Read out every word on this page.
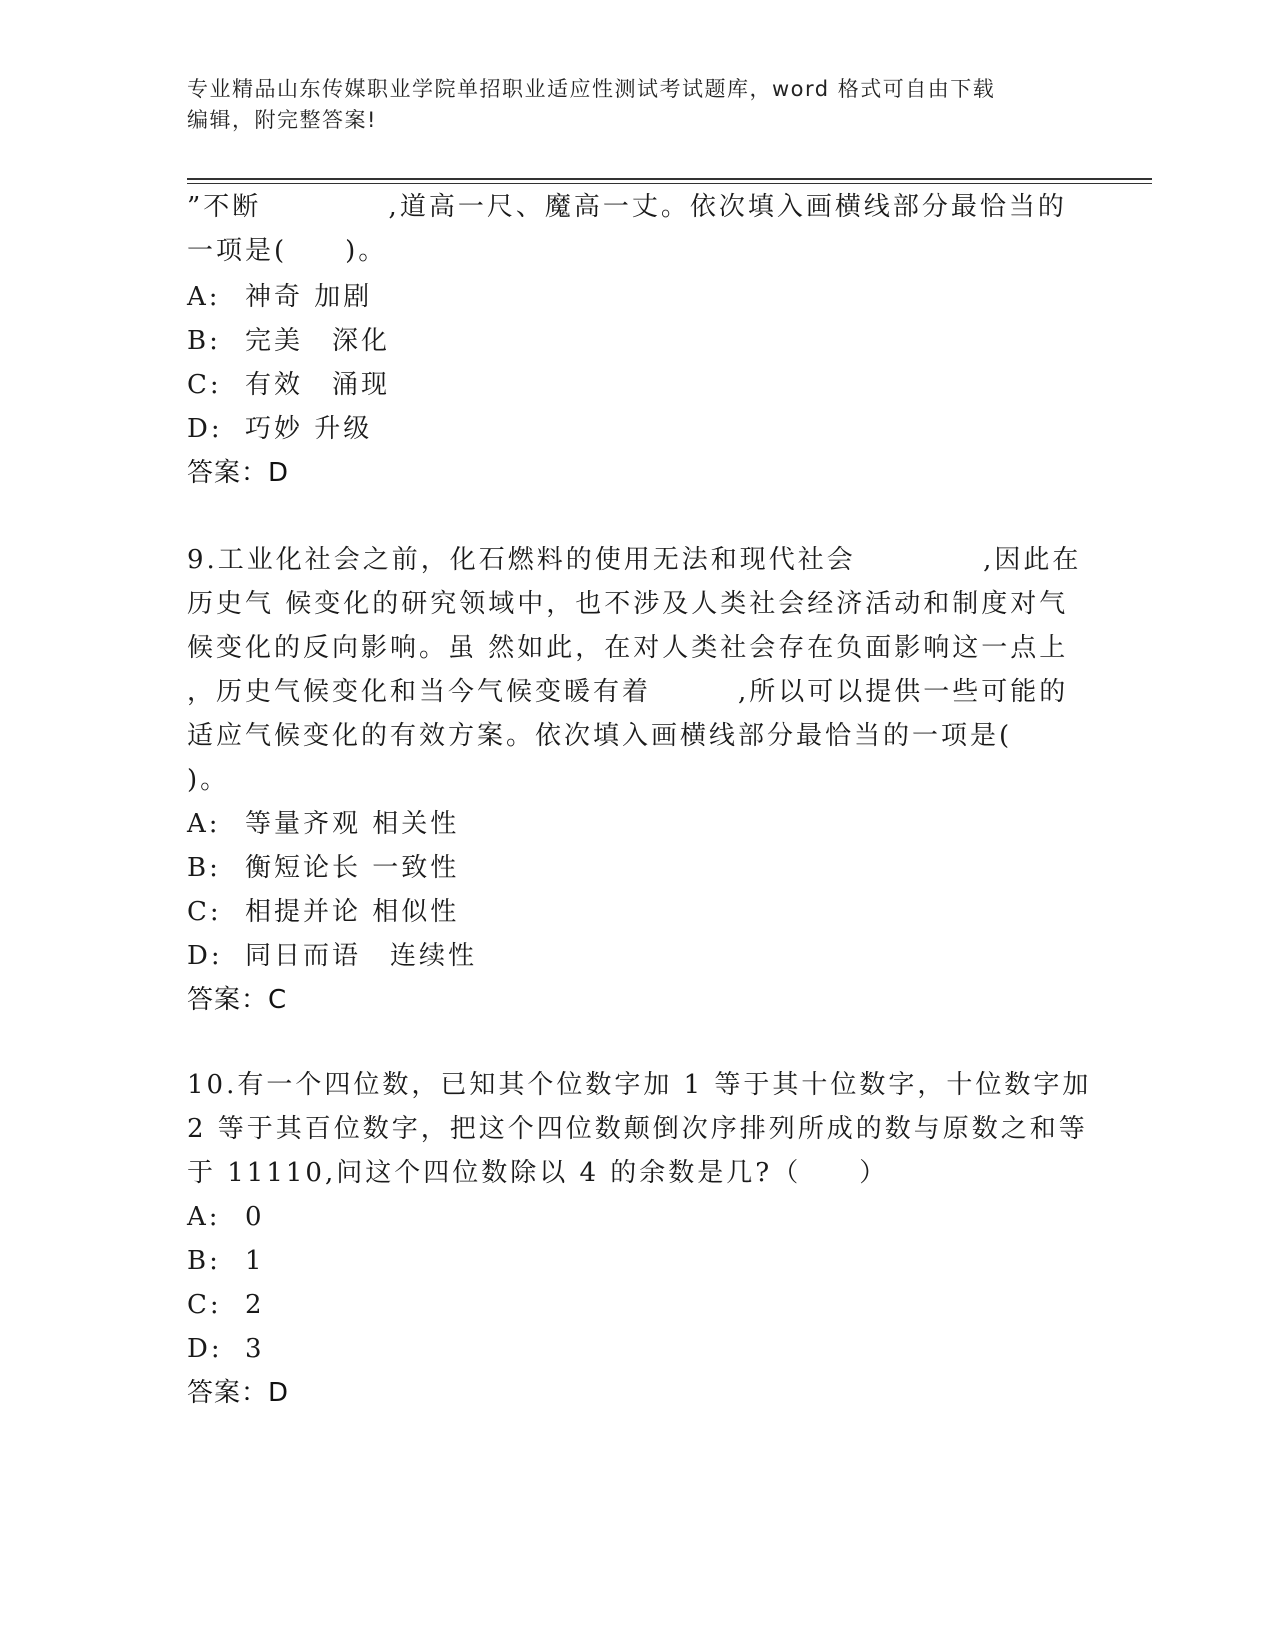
专业精品山东传媒职业学院单招职业适应性测试考试题库，word 格式可自由下载
编辑，附完整答案!
”不断　　　　 ,道高一尺、魔高一丈。依次填入画横线部分最恰当的
一项是(　　)。
A: 神奇 加剧
B: 完美　深化
C: 有效　涌现
D: 巧妙 升级
答案：D
9.工业化社会之前，化石燃料的使用无法和现代社会　　　　 ,因此在
历史气 候变化的研究领域中，也不涉及人类社会经济活动和制度对气
候变化的反向影响。虽 然如此，在对人类社会存在负面影响这一点上
，历史气候变化和当今气候变暖有着　　　,所以可以提供一些可能的
适应气候变化的有效方案。依次填入画横线部分最恰当的一项是(
)。
A: 等量齐观 相关性
B: 衡短论长 一致性
C: 相提并论 相似性
D: 同日而语　连续性
答案：C
10.有一个四位数，已知其个位数字加 1 等于其十位数字，十位数字加
2 等于其百位数字，把这个四位数颠倒次序排列所成的数与原数之和等
于 11110,问这个四位数除以 4 的余数是几?（　　）
A: 0
B: 1
C: 2
D: 3
答案：D
